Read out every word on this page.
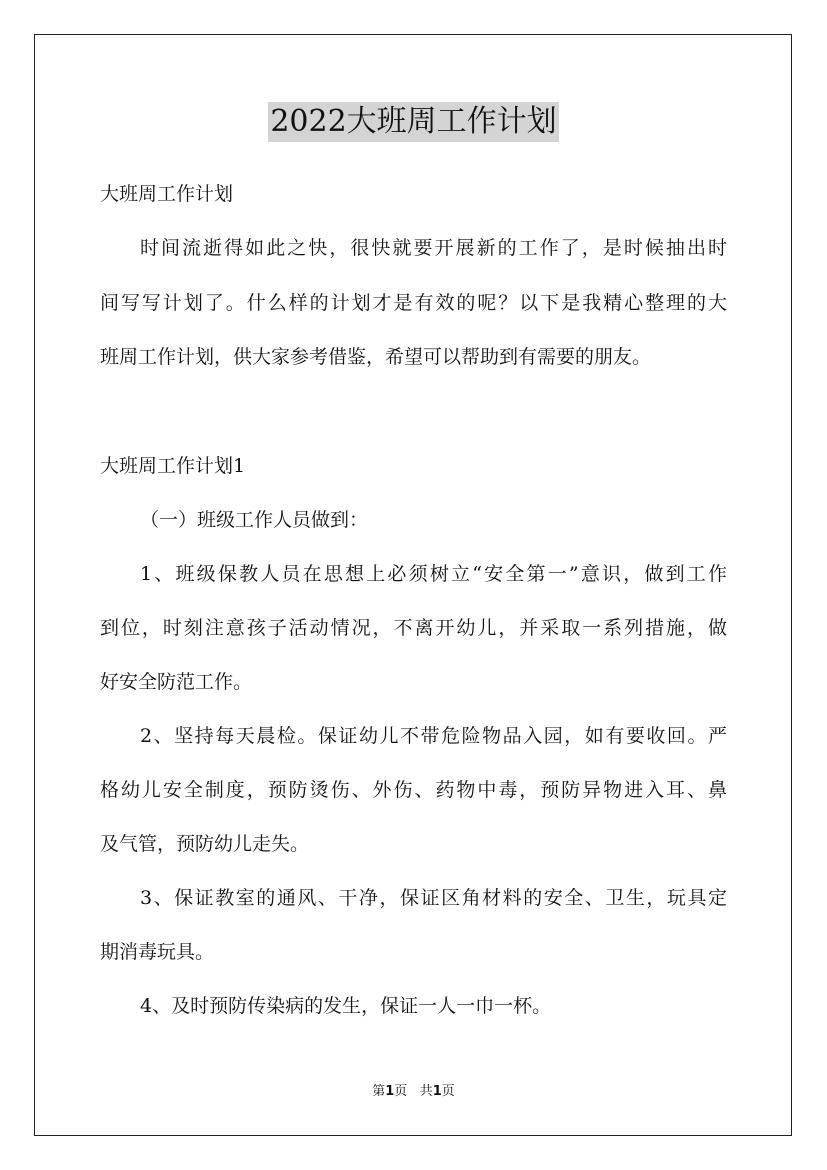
2022大班周工作计划
大班周工作计划
时间流逝得如此之快，很快就要开展新的工作了，是时候抽出时
间写写计划了。什么样的计划才是有效的呢？以下是我精心整理的大
班周工作计划，供大家参考借鉴，希望可以帮助到有需要的朋友。
大班周工作计划1
（一）班级工作人员做到：
1、班级保教人员在思想上必须树立“安全第一”意识，做到工作
到位，时刻注意孩子活动情况，不离开幼儿，并采取一系列措施，做
好安全防范工作。
2、坚持每天晨检。保证幼儿不带危险物品入园，如有要收回。严
格幼儿安全制度，预防烫伤、外伤、药物中毒，预防异物进入耳、鼻
及气管，预防幼儿走失。
3、保证教室的通风、干净，保证区角材料的安全、卫生，玩具定
期消毒玩具。
4、及时预防传染病的发生，保证一人一巾一杯。
第1页 共1页
